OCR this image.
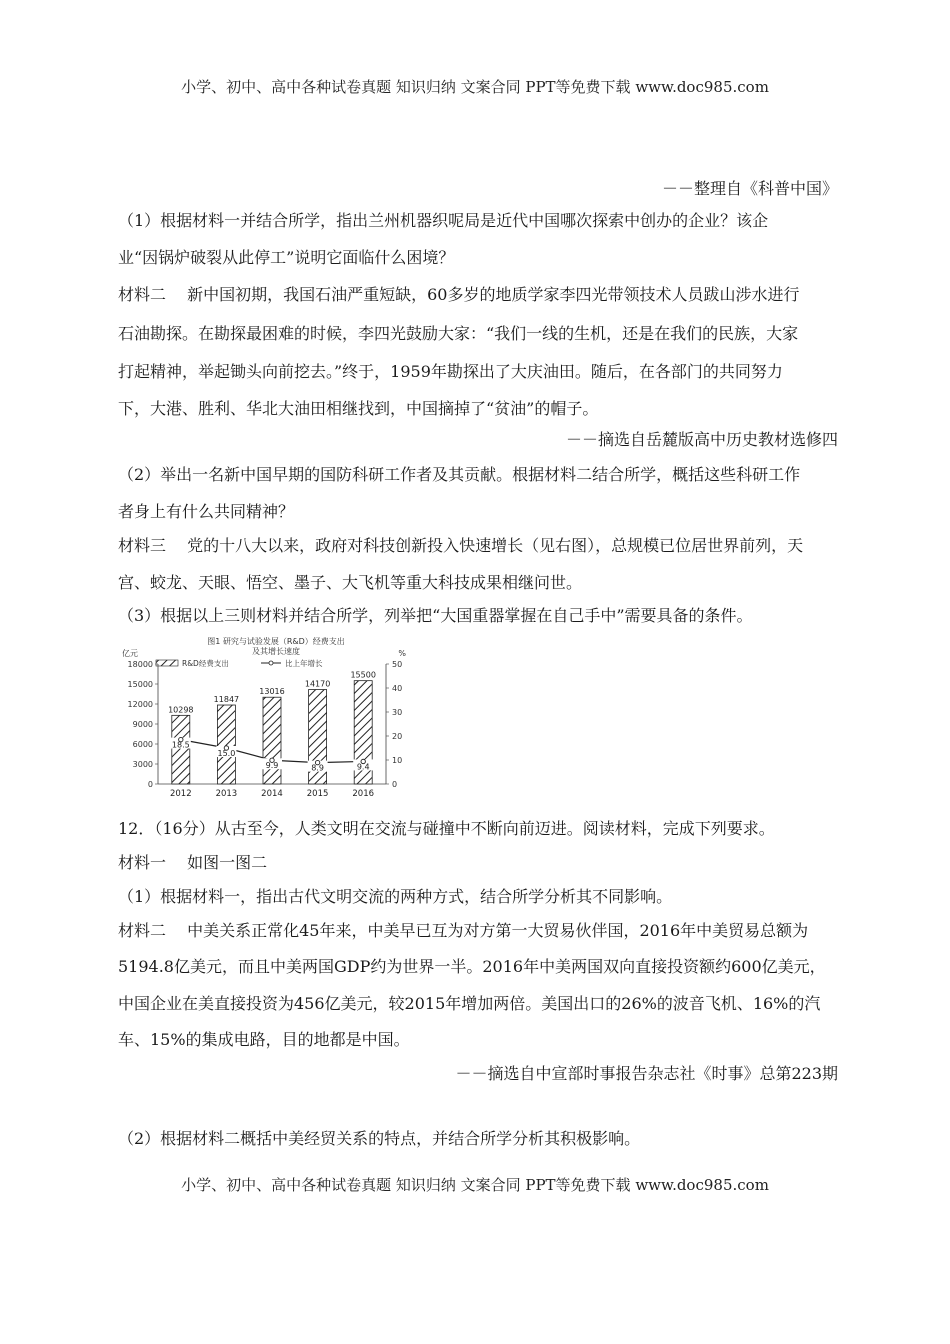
小学、初中、高中各种试卷真题 知识归纳 文案合同 PPT等免费下载 www.doc985.com
－－整理自《科普中国》
（1）根据材料一并结合所学，指出兰州机器织呢局是近代中国哪次探索中创办的企业？该企
业“因锅炉破裂从此停工”说明它面临什么困境？
材料二　 新中国初期，我国石油严重短缺，60多岁的地质学家李四光带领技术人员跋山涉水进行
石油勘探。在勘探最困难的时候，李四光鼓励大家：“我们一线的生机，还是在我们的民族，大家
打起精神，举起锄头向前挖去。”终于，1959年勘探出了大庆油田。随后，在各部门的共同努力
下，大港、胜利、华北大油田相继找到，中国摘掉了“贫油”的帽子。
－－摘选自岳麓版高中历史教材选修四
（2）举出一名新中国早期的国防科研工作者及其贡献。根据材料二结合所学，概括这些科研工作
者身上有什么共同精神？
材料三　 党的十八大以来，政府对科技创新投入快速增长（见右图），总规模已位居世界前列，天
宫、蛟龙、天眼、悟空、墨子、大飞机等重大科技成果相继问世。
（3）根据以上三则材料并结合所学，列举把“大国重器掌握在自己手中”需要具备的条件。
图1 研究与试验发展（R&D）经费支出
及其增长速度
亿元	%
R&D经费支出	比上年增长
0
3000
6000
9000
12000
15000
18000
0
10
20
30
40
50
10298
2012
11847
2013
13016
2014
14170
2015
15500
2016
18.5
15.0
9.9	8.9	9.4
12．（16分）从古至今，人类文明在交流与碰撞中不断向前迈进。阅读材料，完成下列要求。
材料一　 如图一图二
（1）根据材料一，指出古代文明交流的两种方式，结合所学分析其不同影响。
材料二　 中美关系正常化45年来，中美早已互为对方第一大贸易伙伴国，2016年中美贸易总额为
5194.8亿美元，而且中美两国GDP约为世界一半。2016年中美两国双向直接投资额约600亿美元，
中国企业在美直接投资为456亿美元，较2015年增加两倍。美国出口的26%的波音飞机、16%的汽
车、15%的集成电路，目的地都是中国。
－－摘选自中宣部时事报告杂志社《时事》总第223期
（2）根据材料二概括中美经贸关系的特点，并结合所学分析其积极影响。
小学、初中、高中各种试卷真题 知识归纳 文案合同 PPT等免费下载 www.doc985.com
